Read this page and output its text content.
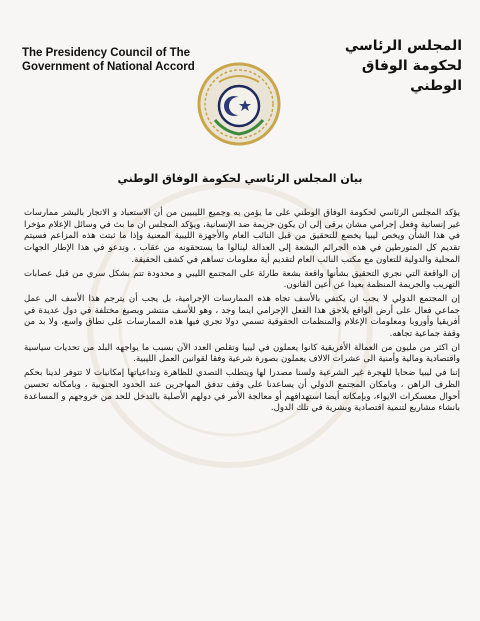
The Presidency Council of The
Government of National Accord
المجلس الرئاسي
لحكومة الوفاق الوطني
بيان المجلس الرئاسي لحكومة الوفاق الوطني

يؤكد المجلس الرئاسي لحكومة الوفاق الوطني على ما يؤمن به وجميع الليبيين من أن الاستعباد و الاتجار بالبشر ممارسات غير إنسانية وفعل إجرامي مشان يرقى إلى ان يكون جريمة ضد الإنسانية، ويؤكد المجلس ان ما بث في وسائل الإعلام مؤخرا في هذا الشأن ويخص ليبيا يخضع للتحقيق من قبل النائب العام والأجهزة الليبية المعنية وإذا ما ثبتت هذه المزاعم فسيتم تقديم كل المتورطين في هذه الجرائم البشعة إلى العدالة لينالوا ما يستحقونه من عقاب ، وندعو في هذا الإطار الجهات المحلية والدولية للتعاون مع مكتب النائب العام لتقديم أية معلومات تساهم في كشف الحقيقة.

إن الواقعة التي نجري التحقيق بشأنها واقعة بشعة طارئة على المجتمع الليبي و محدودة تتم بشكل سري من قبل عصابات التهريب والجريمة المنظمة بعيدا عن أعين القانون.

إن المجتمع الدولي لا يجب ان يكتفي بالأسف تجاه هذه الممارسات الإجرامية، بل يجب أن يترجم هذا الأسف الى عمل جماعي فعال على أرض الواقع يلاحق هذا الفعل الإجرامي اينما وجد ، وهو للأسف منتشر وبصيغ مختلفة في دول عديدة في أفريقيا وأوروبا ومعلومات الإعلام والمنظمات الحقوقية تسمي دولا تجري فيها هذه الممارسات على نطاق واسع، ولا بد من وقفة جماعية تجاهه.

ان اكثر من مليون من العمالة الأفريقية كانوا يعملون في ليبيا وتقلص العدد الآن بسبب ما يواجهه البلد من تحديات سياسية واقتصادية ومالية وأمنية الى عشرات الالاف يعملون بصورة شرعية وفقا لقوانين العمل الليبية.

إننا في ليبيا ضحايا للهجرة غير الشرعية ولسنا مصدرا لها ويتطلب التصدي للظاهرة وتداعياتها إمكانيات لا تتوفر لدينا بحكم الظرف الراهن ، وبامكان المجتمع الدولي أن يساعدنا على وقف تدفق المهاجرين عند الحدود الجنوبية ، وبامكانه تحسين أحوال معسكرات الايواء، وبإمكانه أيضا استهدافهم أو معالجة الأمر في دولهم الأصلية بالتدخل للحد من خروجهم و المساعدة بانشاء مشاريع لتنمية اقتصادية وبشرية في تلك الدول.
